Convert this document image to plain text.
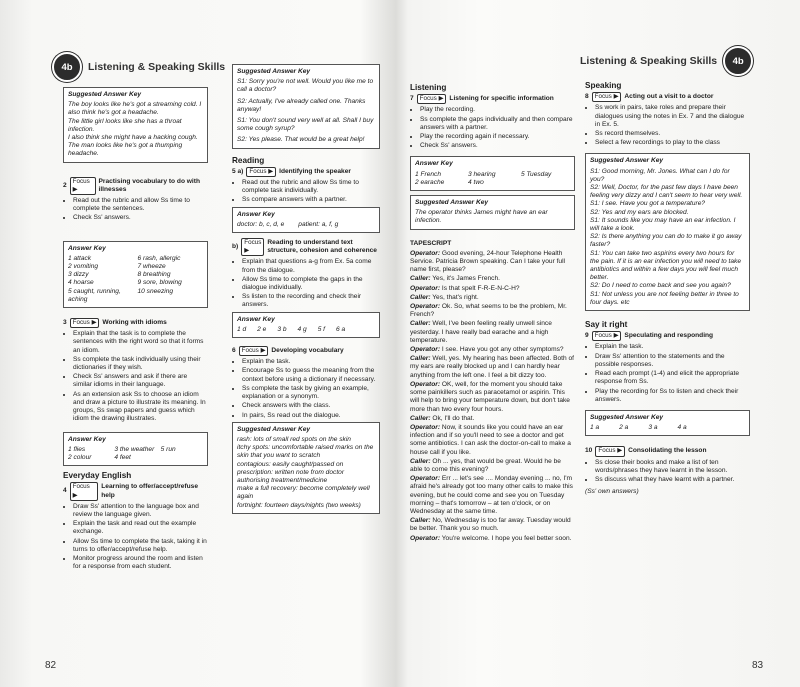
4b	Listening & Speaking Skills
Suggested Answer Key
The boy looks like he's got a streaming cold. I
also think he's got a headache.
The little girl looks like she has a throat infection.
I also think she might have a hacking cough.
The man looks like he's got a thumping headache.
2
Focus ▶
Practising vocabulary to do with illnesses
• Read out the rubric and allow Ss time to complete the sentences.
• Check Ss' answers.
Answer Key
1 attack	6 rash, allergic
2 vomiting	7 wheeze
3 dizzy	8 breathing
4 hoarse	9 sore, blowing
5 caught, running, aching
10 sneezing
3 Focus ▶ Working with idioms
• Explain that the task is to complete the sentences with the right word so that it forms an idiom.
• Ss complete the task individually using their dictionaries if they wish.
• Check Ss' answers and ask if there are similar idioms in their language.
• As an extension ask Ss to choose an idiom and draw a picture to illustrate its meaning. In groups, Ss swap papers and guess which idiom the drawing illustrates.
Answer Key
1 flies	3 the weather 5 run
2 colour	4 feet
Everyday English
4
Focus ▶
Learning to offer/accept/refuse help
• Draw Ss' attention to the language box and review the language given.
• Explain the task and read out the example exchange.
• Allow Ss time to complete the task, taking it in turns to offer/accept/refuse help.
• Monitor progress around the room and listen for a response from each student.
Suggested Answer Key
S1: Sorry you're not well. Would you like me to call a doctor?
S2: Actually, I've already called one. Thanks anyway!
S1: You don't sound very well at all. Shall I buy some cough syrup?
S2: Yes please. That would be a great help!
Reading
5 a) Focus ▶ Identifying the speaker
• Read out the rubric and allow Ss time to complete task individually.
• Ss compare answers with a partner.
Answer Key
doctor: b, c, d, e patient: a, f, g
b)
Focus ▶
Reading to understand text structure, cohesion and coherence
• Explain that questions a-g from Ex. 5a come from the dialogue.
• Allow Ss time to complete the gaps in the dialogue individually.
• Ss listen to the recording and check their answers.
Answer Key
1 d 2 e 3 b 4 g 5 f 6 a
6 Focus ▶ Developing vocabulary
• Explain the task.
• Encourage Ss to guess the meaning from the context before using a dictionary if necessary.
• Ss complete the task by giving an example, explanation or a synonym.
• Check answers with the class.
• In pairs, Ss read out the dialogue.
Suggested Answer Key
rash: lots of small red spots on the skin
itchy spots: uncomfortable raised marks on the skin that you want to scratch
contagious: easily caught/passed on
prescription: written note from doctor authorising treatment/medicine
make a full recovery: become completely well again
fortnight: fourteen days/nights (two weeks)
82
Listening & Speaking Skills	4b
Listening
7 Focus ▶ Listening for specific information
• Play the recording.
• Ss complete the gaps individually and then compare answers with a partner.
• Play the recording again if necessary.
• Check Ss' answers.
Answer Key
1 French	3 hearing	5 Tuesday
2 earache	4 two
Suggested Answer Key
The operator thinks James might have an ear infection.
TAPESCRIPT
Operator: Good evening, 24-hour Telephone Health Service. Patricia Brown speaking. Can I take your full name first, please?
Caller: Yes, it's James French.
Operator: Is that spelt F-R-E-N-C-H?
Caller: Yes, that's right.
Operator: Ok. So, what seems to be the problem, Mr. French?
Caller: Well, I've been feeling really unwell since yesterday. I have really bad earache and a high temperature.
Operator: I see. Have you got any other symptoms?
Caller: Well, yes. My hearing has been affected. Both of my ears are really blocked up and I can hardly hear anything from the left one. I feel a bit dizzy too.
Operator: OK, well, for the moment you should take some painkillers such as paracetamol or aspirin. This will help to bring your temperature down, but don't take more than two every four hours.
Caller: Ok, I'll do that.
Operator: Now, it sounds like you could have an ear infection and if so you'll need to see a doctor and get some antibiotics. I can ask the doctor-on-call to make a house call if you like.
Caller: Oh ... yes, that would be great. Would he be able to come this evening?
Operator: Err ... let's see .... Monday evening ... no, I'm afraid he's already got too many other calls to make this evening, but he could come and see you on Tuesday morning – that's tomorrow – at ten o'clock, or on Wednesday at the same time.
Caller: No, Wednesday is too far away. Tuesday would be better. Thank you so much.
Operator: You're welcome. I hope you feel better soon.
Speaking
8 Focus ▶ Acting out a visit to a doctor
• Ss work in pairs, take roles and prepare their dialogues using the notes in Ex. 7 and the dialogue in Ex. 5.
• Ss record themselves.
• Select a few recordings to play to the class
Suggested Answer Key
S1: Good morning, Mr. Jones. What can I do for you?
S2: Well, Doctor, for the past few days I have been feeling very dizzy and I can't seem to hear very well.
S1: I see. Have you got a temperature?
S2: Yes and my ears are blocked.
S1: It sounds like you may have an ear infection. I will take a look.
S2: Is there anything you can do to make it go away faster?
S1: You can take two aspirins every two hours for the pain. If it is an ear infection you will need to take antibiotics and within a few days you will feel much better.
S2: Do I need to come back and see you again?
S1: Not unless you are not feeling better in three to four days. etc
Say it right
9 Focus ▶ Speculating and responding
• Explain the task.
• Draw Ss' attention to the statements and the possible responses.
• Read each prompt (1-4) and elicit the appropriate response from Ss.
• Play the recording for Ss to listen and check their answers.
Suggested Answer Key
1 a	2 a	3 a	4 a
10 Focus ▶ Consolidating the lesson
• Ss close their books and make a list of ten words/phrases they have learnt in the lesson.
• Ss discuss what they have learnt with a partner.
(Ss' own answers)
83
